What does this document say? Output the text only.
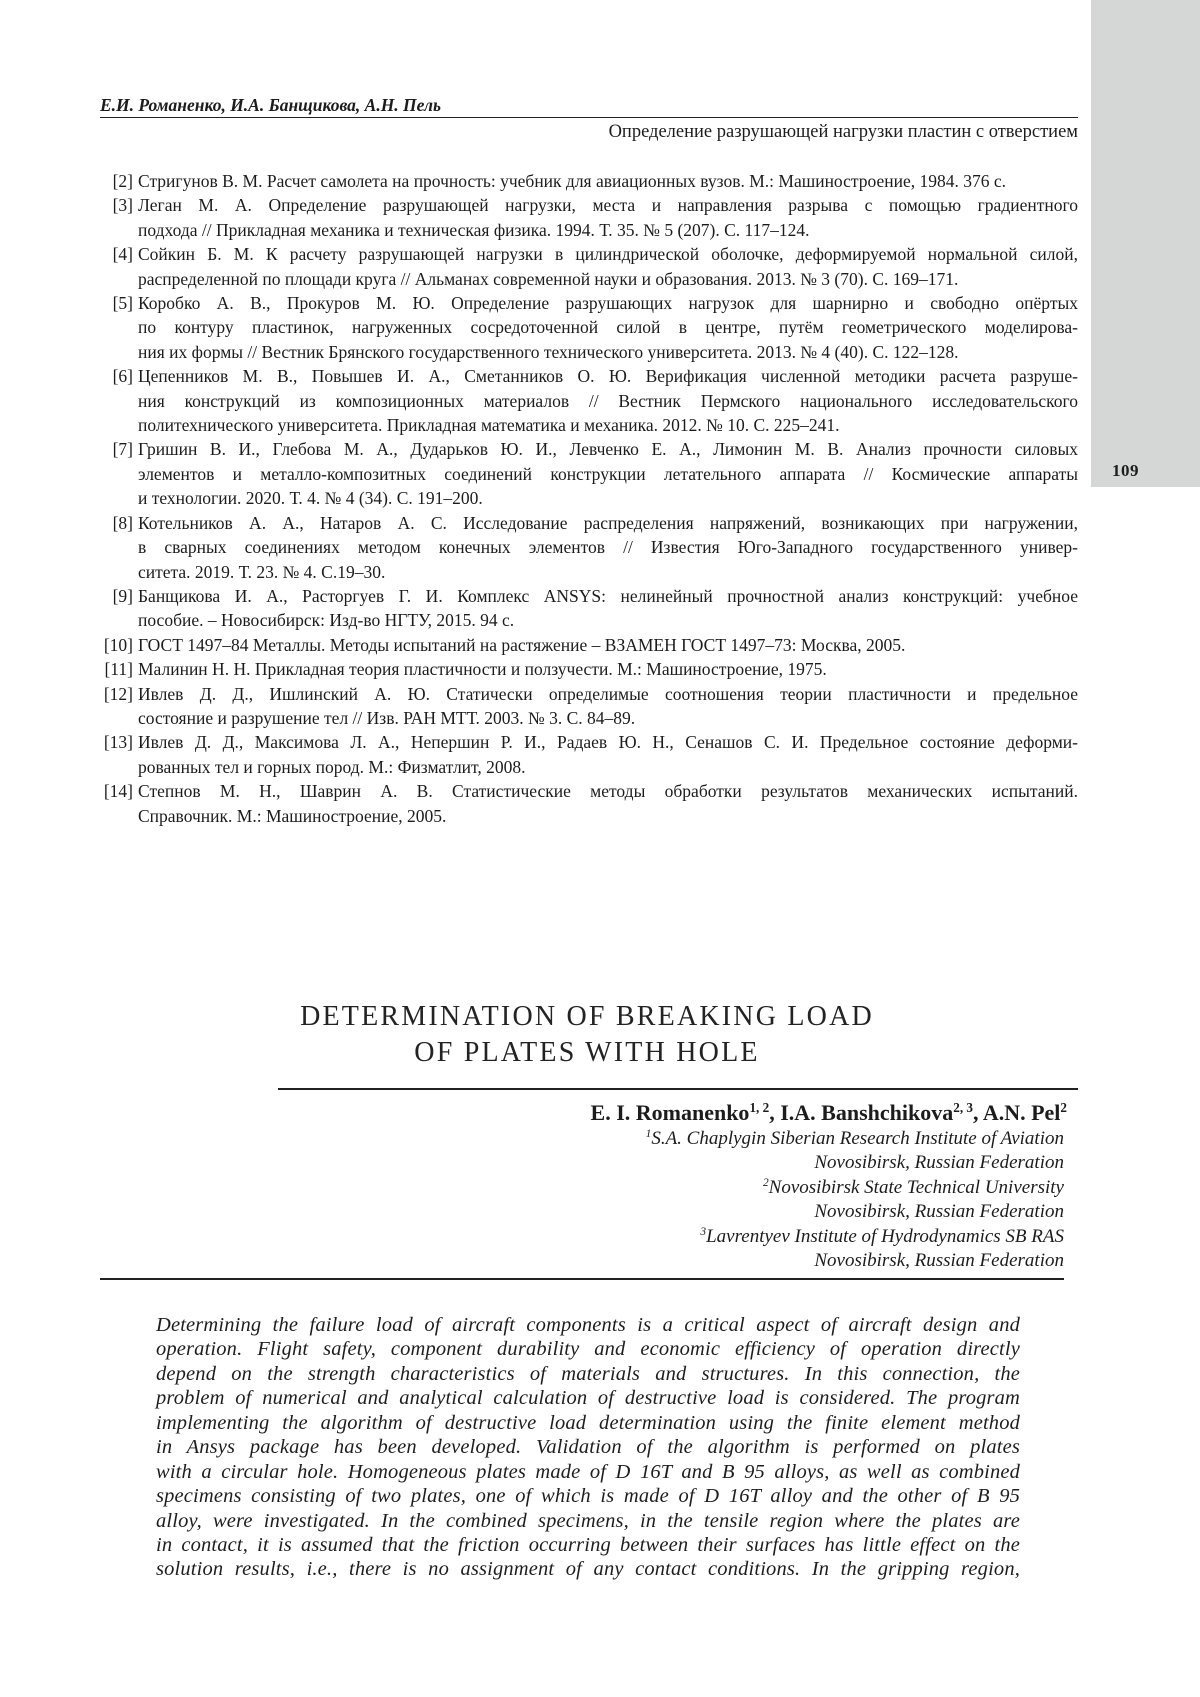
109
Е.И. Романенко, И.А. Банщикова, А.Н. Пель
Определение разрушающей нагрузки пластин с отверстием
[2] Стригунов В. М. Расчет самолета на прочность: учебник для авиационных вузов. М.: Машиностроение, 1984. 376 с.
[3] Леган М. А. Определение разрушающей нагрузки, места и направления разрыва с помощью градиентного
подхода // Прикладная механика и техническая физика. 1994. Т. 35. № 5 (207). С. 117–124.
[4] Сойкин Б. М. К расчету разрушающей нагрузки в цилиндрической оболочке, деформируемой нормальной силой,
распределенной по площади круга // Альманах современной науки и образования. 2013. № 3 (70). С. 169–171.
[5] Коробко А. В., Прокуров М. Ю. Определение разрушающих нагрузок для шарнирно и свободно опёртых
по контуру пластинок, нагруженных сосредоточенной силой в центре, путём геометрического моделирова-
ния их формы // Вестник Брянского государственного технического университета. 2013. № 4 (40). С. 122–128.
[6] Цепенников М. В., Повышев И. А., Сметанников О. Ю. Верификация численной методики расчета разруше-
ния конструкций из композиционных материалов // Вестник Пермского национального исследовательского
политехнического университета. Прикладная математика и механика. 2012. № 10. С. 225–241.
[7] Гришин В. И., Глебова М. А., Дударьков Ю. И., Левченко Е. А., Лимонин М. В. Анализ прочности силовых
элементов и металло-композитных соединений конструкции летательного аппарата // Космические аппараты
и технологии. 2020. Т. 4. № 4 (34). С. 191–200.
[8] Котельников А. А., Натаров А. С. Исследование распределения напряжений, возникающих при нагружении,
в сварных соединениях методом конечных элементов // Известия Юго-Западного государственного универ-
ситета. 2019. Т. 23. № 4. С.19–30.
[9] Банщикова И. А., Расторгуев Г. И. Комплекс ANSYS: нелинейный прочностной анализ конструкций: учебное
пособие. – Новосибирск: Изд-во НГТУ, 2015. 94 с.
[10] ГОСТ 1497–84 Металлы. Методы испытаний на растяжение – ВЗАМЕН ГОСТ 1497–73: Москва, 2005.
[11] Малинин Н. Н. Прикладная теория пластичности и ползучести. М.: Машиностроение, 1975.
[12] Ивлев Д. Д., Ишлинский А. Ю. Статически определимые соотношения теории пластичности и предельное
состояние и разрушение тел // Изв. РАН МТТ. 2003. № 3. С. 84–89.
[13] Ивлев Д. Д., Максимова Л. А., Непершин Р. И., Радаев Ю. Н., Сенашов С. И. Предельное состояние деформи-
рованных тел и горных пород. М.: Физматлит, 2008.
[14] Степнов М. Н., Шаврин А. В. Статистические методы обработки результатов механических испытаний.
Справочник. М.: Машиностроение, 2005.
DETERMINATION OF BREAKING LOAD
OF PLATES WITH HOLE
E. I. Romanenko$^{1, 2}$, I.A. Banshchikova$^{2, 3}$, A.N. Pel$^2$
$^1$S.A. Chaplygin Siberian Research Institute of Aviation
Novosibirsk, Russian Federation
$^2$Novosibirsk State Technical University
Novosibirsk, Russian Federation
$^3$Lavrentyev Institute of Hydrodynamics SB RAS
Novosibirsk, Russian Federation
Determining the failure load of aircraft components is a critical aspect of aircraft design and
operation. Flight safety, component durability and economic efficiency of operation directly
depend on the strength characteristics of materials and structures. In this connection, the
problem of numerical and analytical calculation of destructive load is considered. The program
implementing the algorithm of destructive load determination using the finite element method
in Ansys package has been developed. Validation of the algorithm is performed on plates
with a circular hole. Homogeneous plates made of D 16T and B 95 alloys, as well as combined
specimens consisting of two plates, one of which is made of D 16T alloy and the other of B 95
alloy, were investigated. In the combined specimens, in the tensile region where the plates are
in contact, it is assumed that the friction occurring between their surfaces has little effect on the
solution results, i.e., there is no assignment of any contact conditions. In the gripping region,
